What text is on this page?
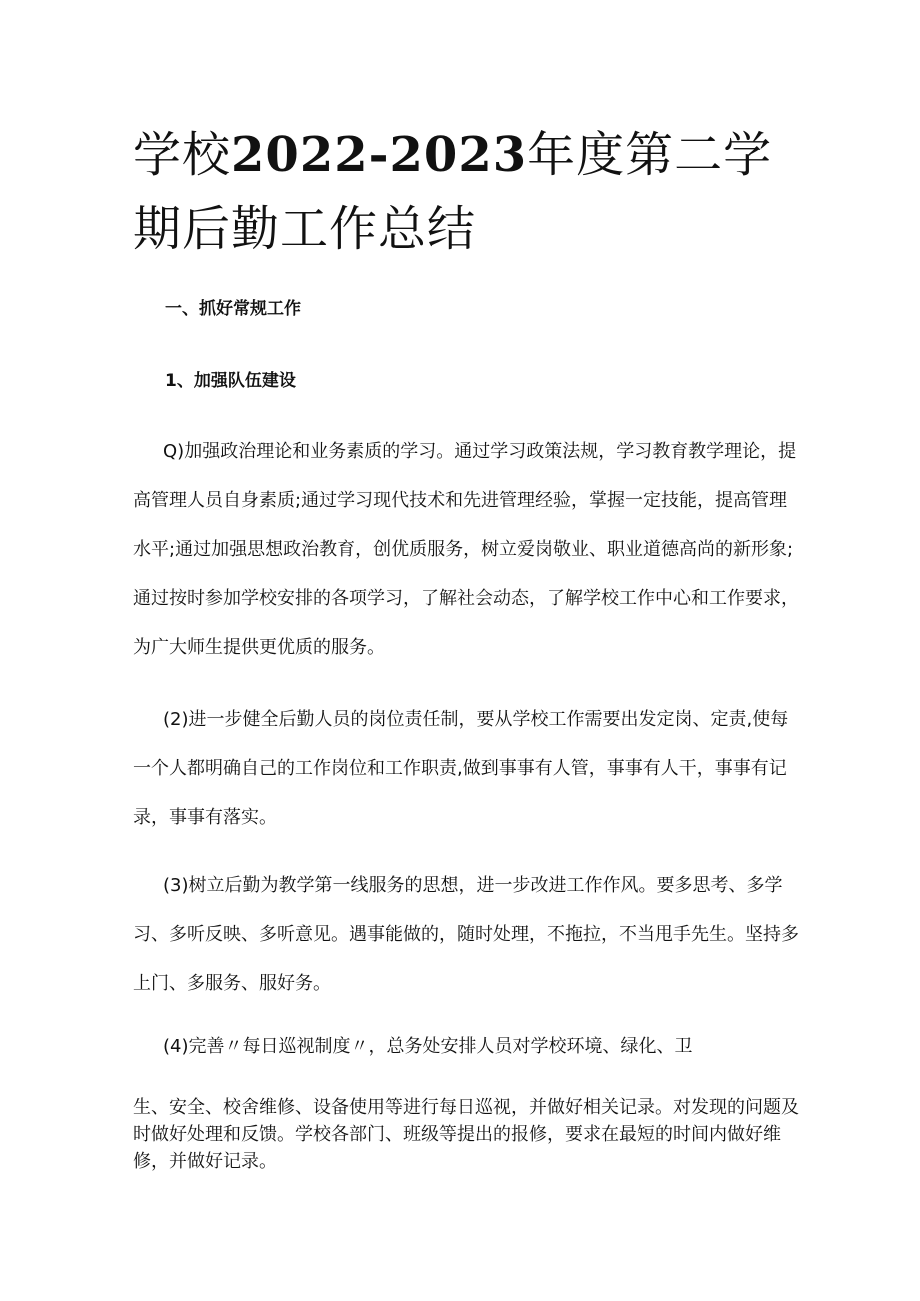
学校2022-2023年度第二学期后勤工作总结
一、抓好常规工作
1、加强队伍建设

Q)加强政治理论和业务素质的学习。通过学习政策法规，学习教育教学理论，提高管理人员自身素质;通过学习现代技术和先进管理经验，掌握一定技能，提高管理水平;通过加强思想政治教育，创优质服务，树立爱岗敬业、职业道德高尚的新形象;通过按时参加学校安排的各项学习，了解社会动态，了解学校工作中心和工作要求，为广大师生提供更优质的服务。

(2)进一步健全后勤人员的岗位责任制，要从学校工作需要出发定岗、定责,使每一个人都明确自己的工作岗位和工作职责,做到事事有人管，事事有人干，事事有记录，事事有落实。

(3)树立后勤为教学第一线服务的思想，进一步改进工作作风。要多思考、多学习、多听反映、多听意见。遇事能做的，随时处理，不拖拉，不当甩手先生。坚持多上门、多服务、服好务。

(4)完善〃每日巡视制度〃，总务处安排人员对学校环境、绿化、卫

生、安全、校舍维修、设备使用等进行每日巡视，并做好相关记录。对发现的问题及时做好处理和反馈。学校各部门、班级等提出的报修，要求在最短的时间内做好维修，并做好记录。
